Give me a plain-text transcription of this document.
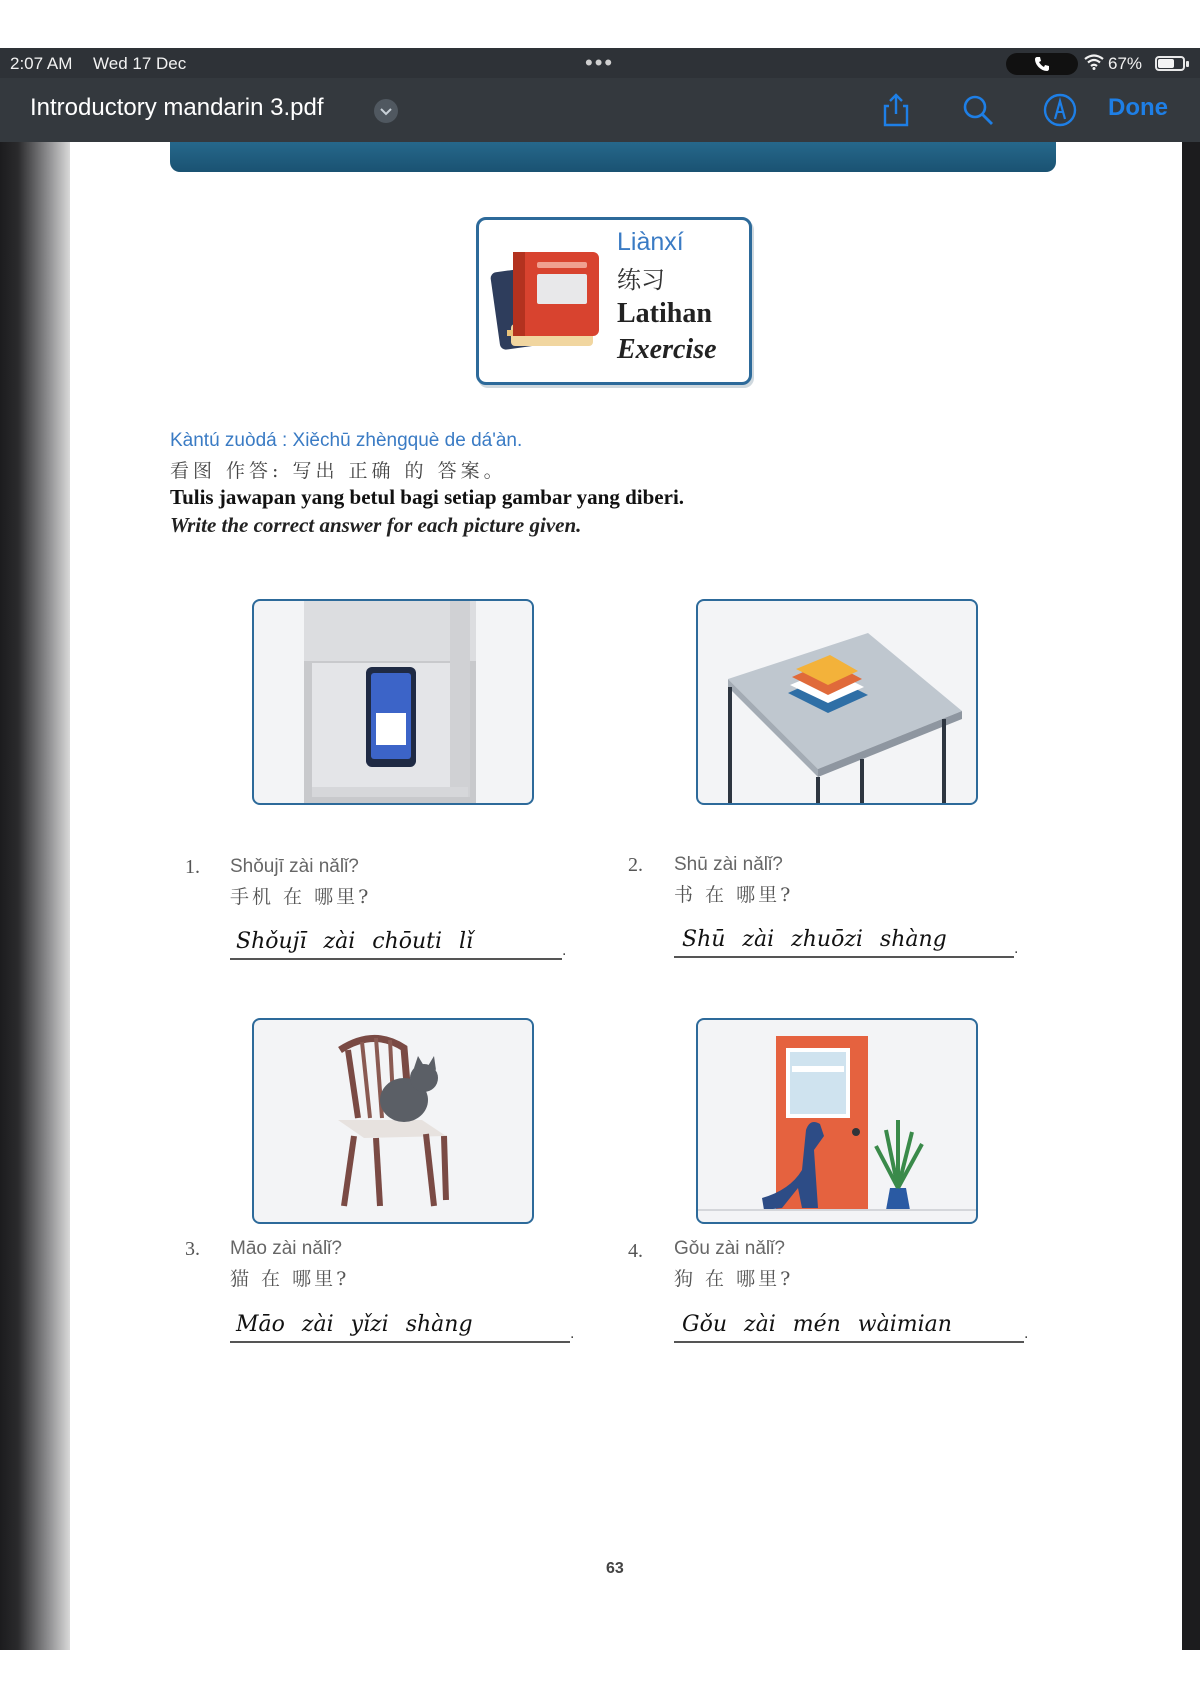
2:07 AM Wed 17 Dec	•••	67%
Introductory mandarin 3.pdf	Done
Liànxí
练习
Latihan
Exercise
Kàntú zuòdá : Xiěchū zhèngquè de dá'àn.
看图 作答: 写出 正确 的 答案。
Tulis jawapan yang betul bagi setiap gambar yang diberi.
Write the correct answer for each picture given.
1. Shǒujī zài nǎlǐ?
手机 在 哪里?
Shǒujī zài chōuti lǐ	.
2. Shū zài nǎlǐ?
书 在 哪里?
Shū zài zhuōzi shàng	.
3. Māo zài nǎlǐ?
猫 在 哪里?
Māo zài yǐzi shàng	.
4. Gǒu zài nǎlǐ?
狗 在 哪里?
Gǒu zài mén wàimian	.
63
